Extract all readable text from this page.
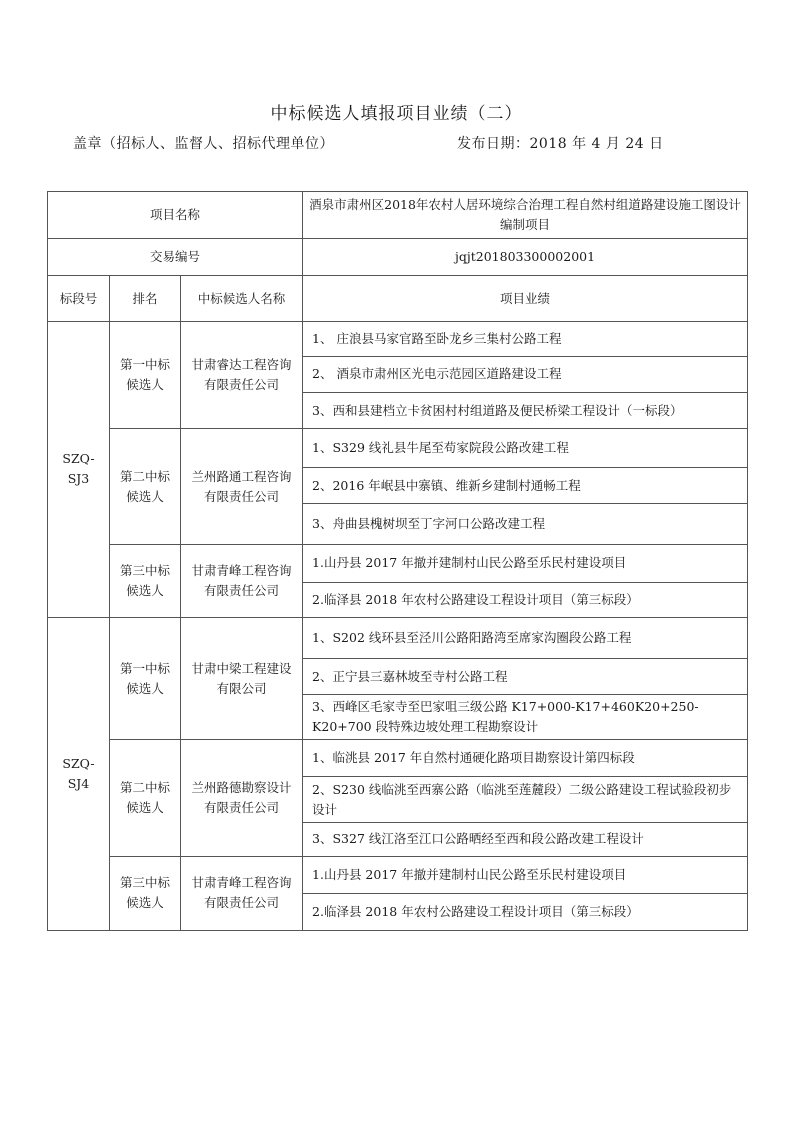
中标候选人填报项目业绩（二）
盖章（招标人、监督人、招标代理单位）	发布日期：2018 年 4 月 24 日
项目名称			酒泉市肃州区2018年农村人居环境综合治理工程自然村组道路建设施工图设计编制项目
交易编号			jqjt201803300002001
标段号	排名	中标候选人名称	项目业绩
SZQ-SJ3	第一中标候选人	甘肃睿达工程咨询有限责任公司	1、 庄浪县马家官路至卧龙乡三集村公路工程
			2、 酒泉市肃州区光电示范园区道路建设工程
			3、西和县建档立卡贫困村村组道路及便民桥梁工程设计（一标段）
	第二中标候选人	兰州路通工程咨询有限责任公司	1、S329 线礼县牛尾至苟家院段公路改建工程
			2、2016 年岷县中寨镇、维新乡建制村通畅工程
			3、舟曲县槐树坝至丁字河口公路改建工程
	第三中标候选人	甘肃青峰工程咨询有限责任公司	1.山丹县 2017 年撤并建制村山民公路至乐民村建设项目
			2.临泽县 2018 年农村公路建设工程设计项目（第三标段）
SZQ-SJ4	第一中标候选人	甘肃中梁工程建设有限公司	1、S202 线环县至泾川公路阳路湾至席家沟圈段公路工程
			2、正宁县三嘉林坡至寺村公路工程
			3、西峰区毛家寺至巴家咀三级公路 K17+000-K17+460K20+250-K20+700 段特殊边坡处理工程勘察设计
	第二中标候选人	兰州路德勘察设计有限责任公司	1、临洮县 2017 年自然村通硬化路项目勘察设计第四标段
			2、S230 线临洮至西寨公路（临洮至莲麓段）二级公路建设工程试验段初步设计
			3、S327 线江洛至江口公路晒经至西和段公路改建工程设计
	第三中标候选人	甘肃青峰工程咨询有限责任公司	1.山丹县 2017 年撤并建制村山民公路至乐民村建设项目
			2.临泽县 2018 年农村公路建设工程设计项目（第三标段）
